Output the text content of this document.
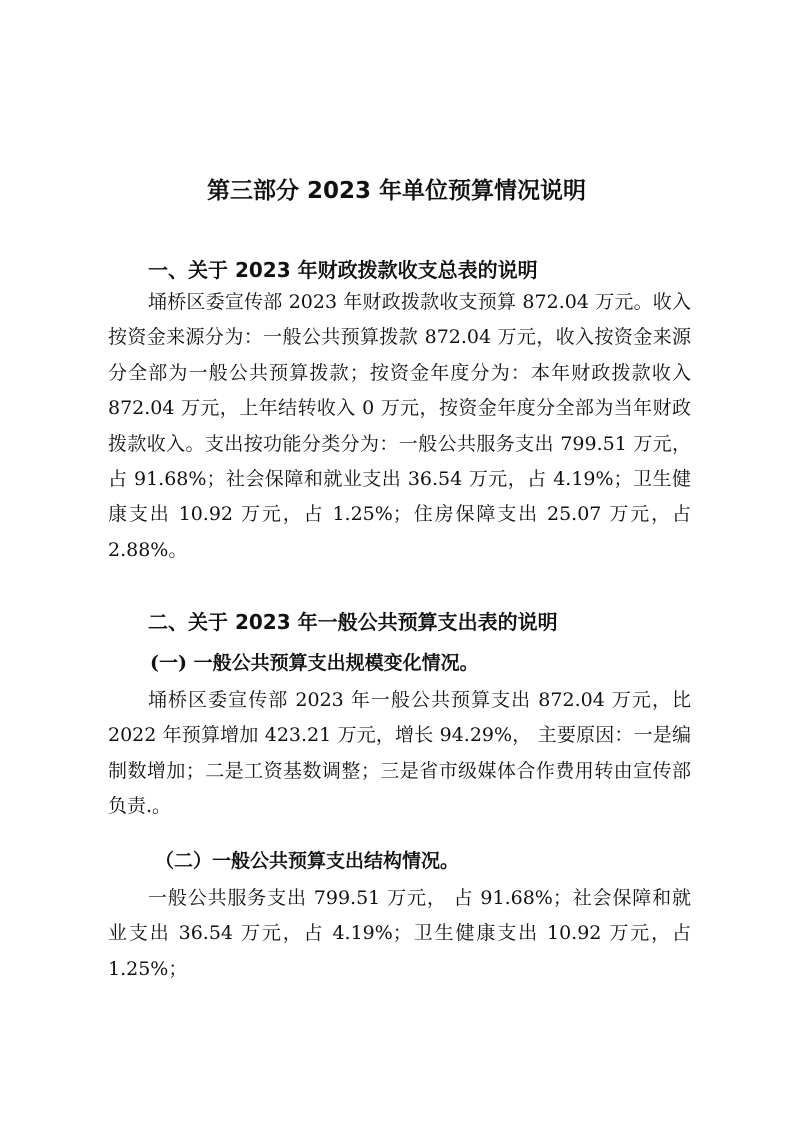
第三部分 2023 年单位预算情况说明
一、关于 2023 年财政拨款收支总表的说明

埇桥区委宣传部 2023 年财政拨款收支预算 872.04 万元。收入按资金来源分为：一般公共预算拨款 872.04 万元，收入按资金来源分全部为一般公共预算拨款；按资金年度分为：本年财政拨款收入 872.04 万元，上年结转收入 0 万元，按资金年度分全部为当年财政拨款收入。支出按功能分类分为：一般公共服务支出 799.51 万元，占 91.68%；社会保障和就业支出 36.54 万元，占 4.19%；卫生健康支出 10.92 万元，占 1.25%；住房保障支出 25.07 万元，占 2.88%。

二、关于 2023 年一般公共预算支出表的说明
(一) 一般公共预算支出规模变化情况。

埇桥区委宣传部 2023 年一般公共预算支出 872.04 万元，比 2022 年预算增加 423.21 万元，增长 94.29%， 主要原因：一是编制数增加；二是工资基数调整；三是省市级媒体合作费用转由宣传部负责.。

（二）一般公共预算支出结构情况。

一般公共服务支出 799.51 万元， 占 91.68%；社会保障和就业支出 36.54 万元，占 4.19%；卫生健康支出 10.92 万元，占 1.25%；
